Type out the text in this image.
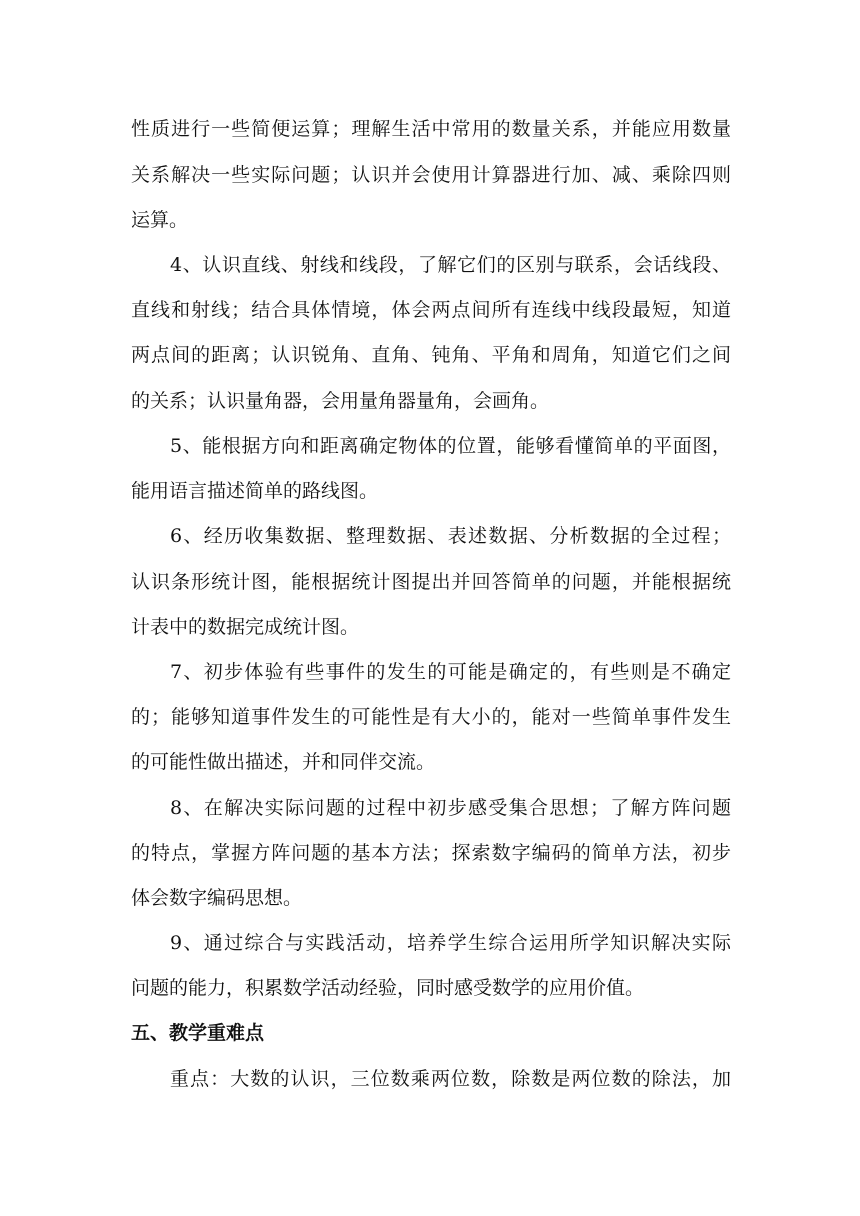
性质进行一些简便运算；理解生活中常用的数量关系，并能应用数量
关系解决一些实际问题；认识并会使用计算器进行加、减、乘除四则
运算。
4、认识直线、射线和线段，了解它们的区别与联系，会话线段、
直线和射线；结合具体情境，体会两点间所有连线中线段最短，知道
两点间的距离；认识锐角、直角、钝角、平角和周角，知道它们之间
的关系；认识量角器，会用量角器量角，会画角。
5、能根据方向和距离确定物体的位置，能够看懂简单的平面图，
能用语言描述简单的路线图。
6、经历收集数据、整理数据、表述数据、分析数据的全过程；
认识条形统计图，能根据统计图提出并回答简单的问题，并能根据统
计表中的数据完成统计图。
7、初步体验有些事件的发生的可能是确定的，有些则是不确定
的；能够知道事件发生的可能性是有大小的，能对一些简单事件发生
的可能性做出描述，并和同伴交流。
8、在解决实际问题的过程中初步感受集合思想；了解方阵问题
的特点，掌握方阵问题的基本方法；探索数字编码的简单方法，初步
体会数字编码思想。
9、通过综合与实践活动，培养学生综合运用所学知识解决实际
问题的能力，积累数学活动经验，同时感受数学的应用价值。
五、教学重难点
重点：大数的认识，三位数乘两位数，除数是两位数的除法，加
